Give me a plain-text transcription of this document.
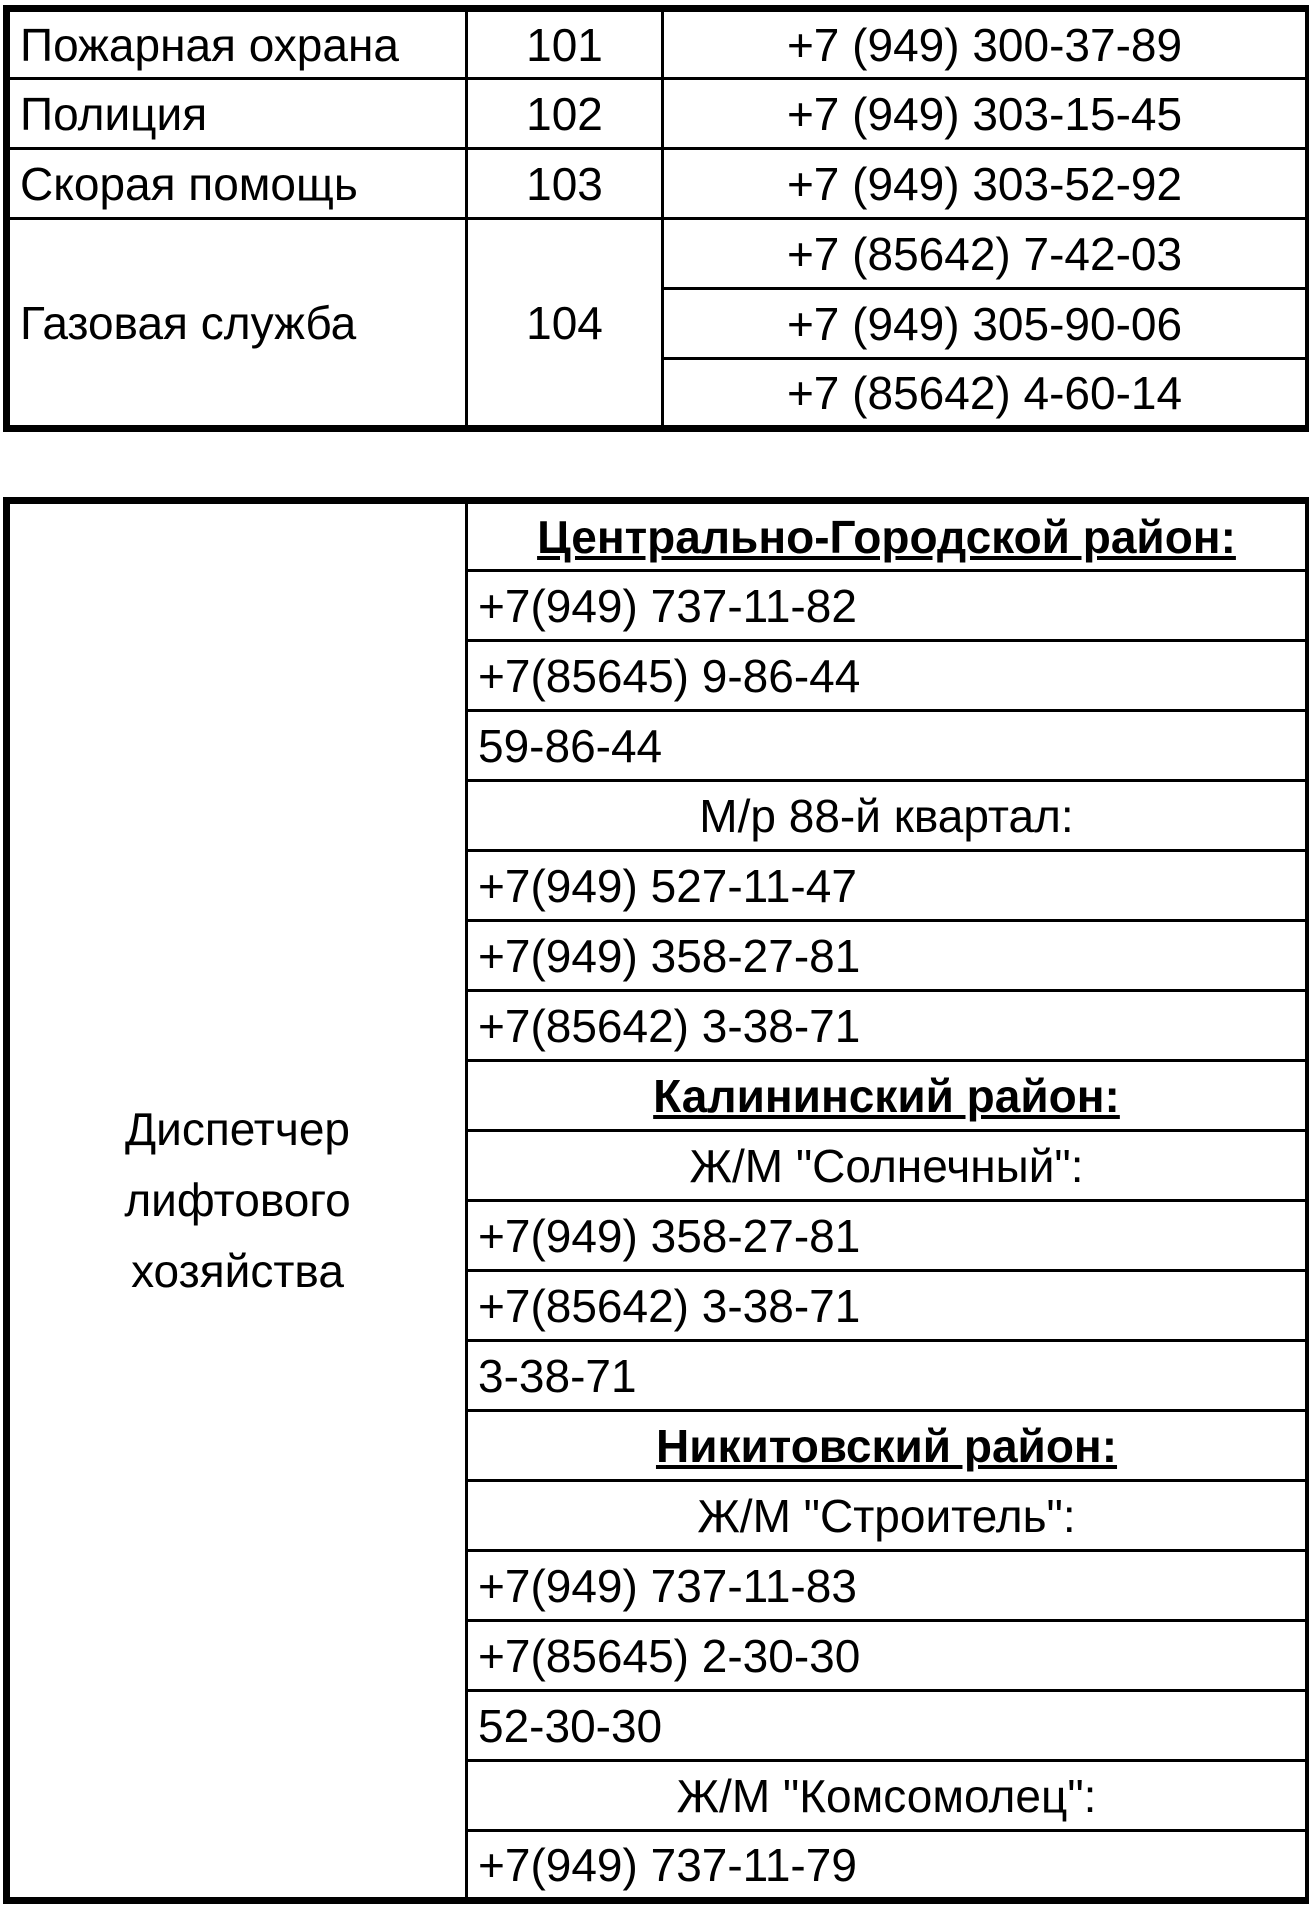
Пожарная охрана	101	+7 (949) 300-37-89
Полиция	102	+7 (949) 303-15-45
Скорая помощь	103	+7 (949) 303-52-92
Газовая служба	104	+7 (85642) 7-42-03
		+7 (949) 305-90-06
		+7 (85642) 4-60-14
Диспетчер
лифтового
хозяйства
	Центрально-Городской район:
+7(949) 737-11-82
+7(85645) 9-86-44
59-86-44
М/р 88-й квартал:
+7(949) 527-11-47
+7(949) 358-27-81
+7(85642) 3-38-71
Калининский район:
Ж/М "Солнечный":
+7(949) 358-27-81
+7(85642) 3-38-71
3-38-71
Никитовский район:
Ж/М "Строитель":
+7(949) 737-11-83
+7(85645) 2-30-30
52-30-30
Ж/М "Комсомолец":
+7(949) 737-11-79
